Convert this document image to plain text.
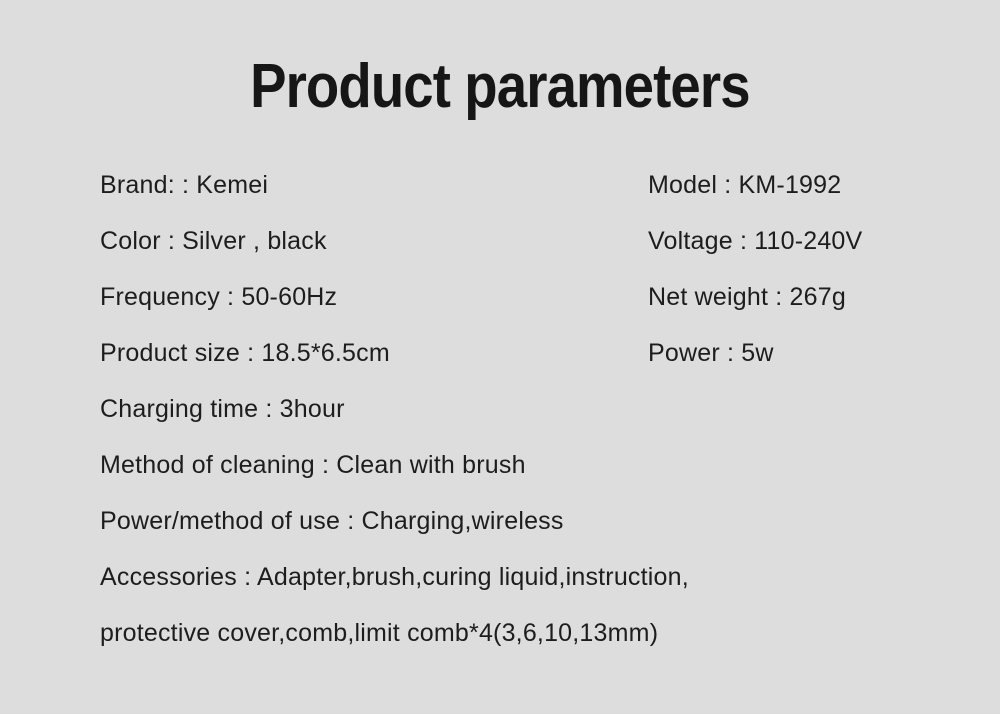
Product parameters
Brand: : Kemei	Model : KM-1992
Color : Silver , black	Voltage : 110-240V
Frequency : 50-60Hz	Net weight : 267g
Product size : 18.5*6.5cm	Power : 5w
Charging time : 3hour
Method of cleaning : Clean with brush
Power/method of use : Charging,wireless
Accessories : Adapter,brush,curing liquid,instruction,
protective cover,comb,limit comb*4(3,6,10,13mm)
